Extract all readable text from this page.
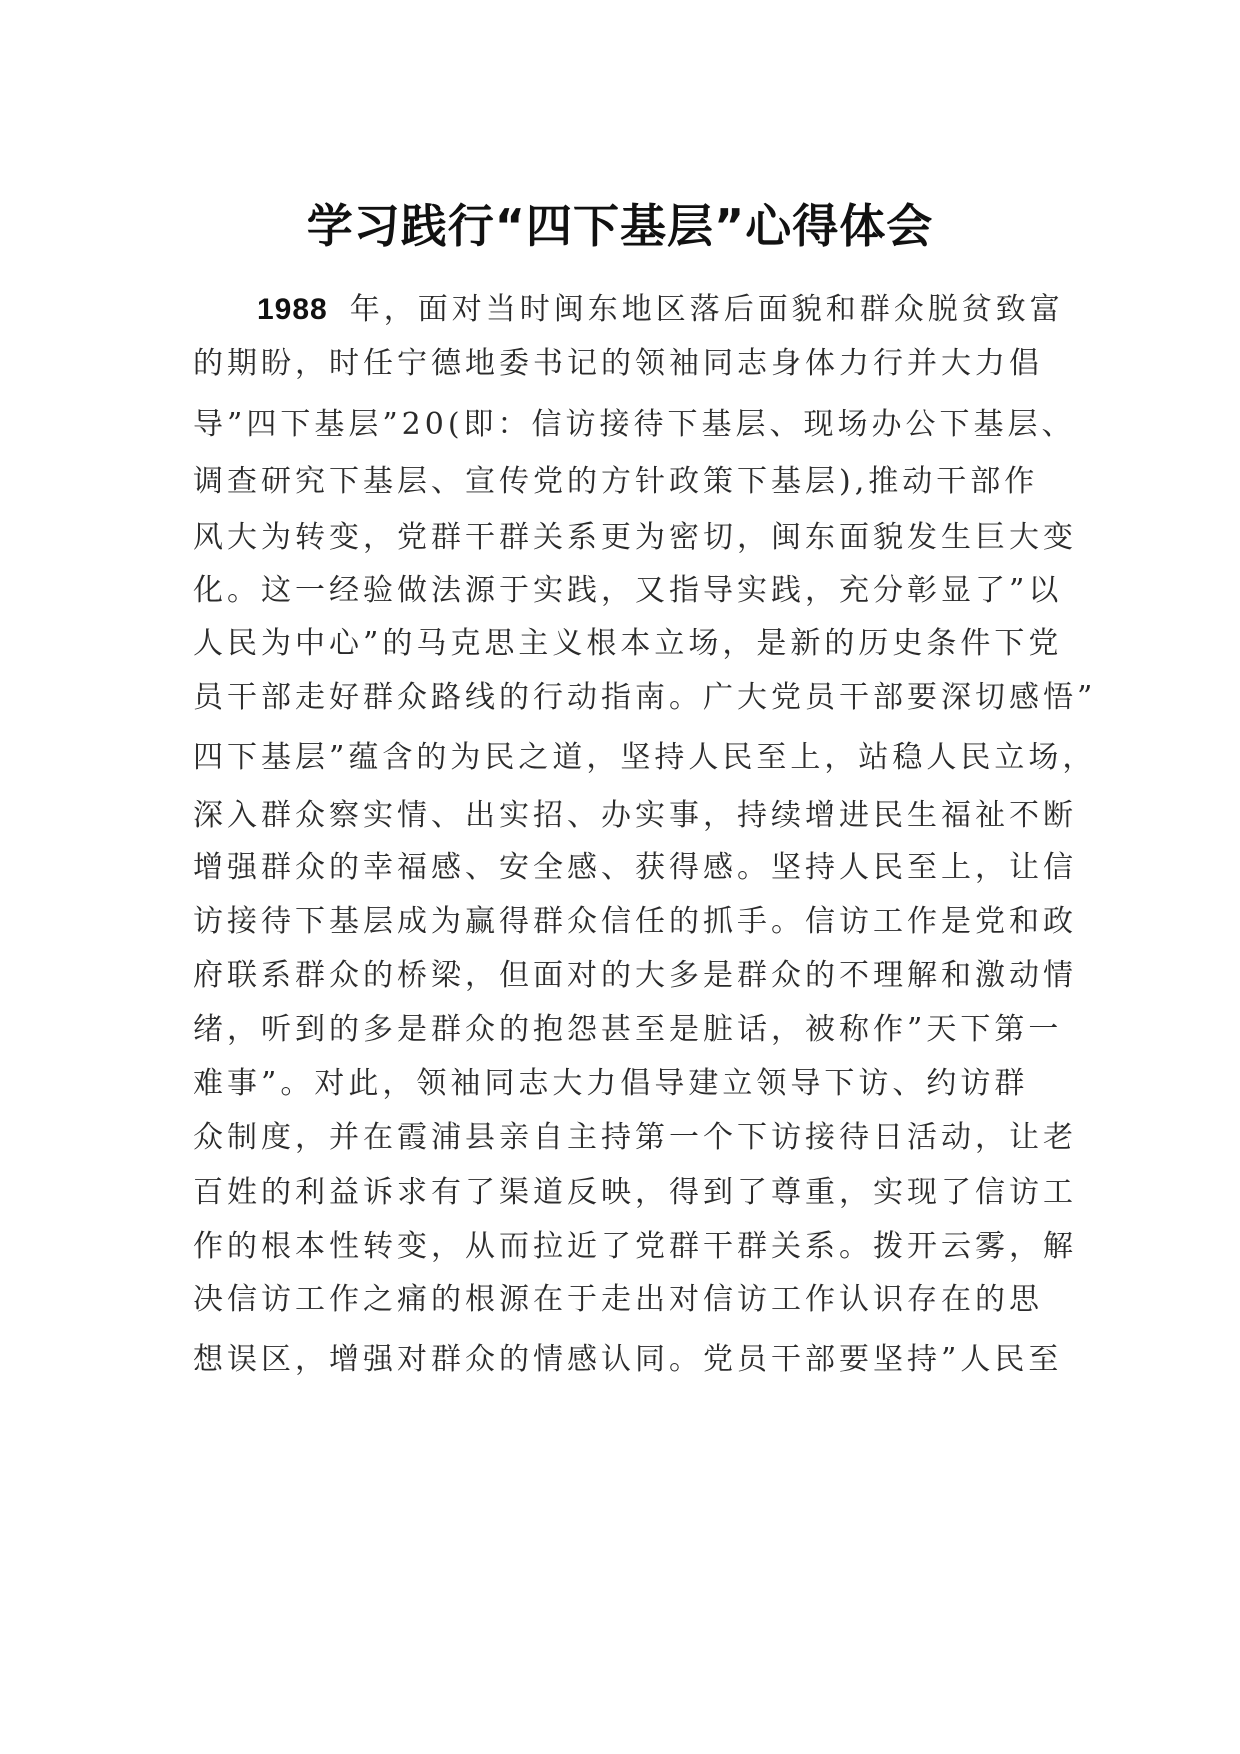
学习践行“四下基层”心得体会
1988 年，面对当时闽东地区落后面貌和群众脱贫致富
的期盼，时任宁德地委书记的领袖同志身体力行并大力倡
导”四下基层”20(即：信访接待下基层、现场办公下基层、
调查研究下基层、宣传党的方针政策下基层),推动干部作
风大为转变，党群干群关系更为密切，闽东面貌发生巨大变
化。这一经验做法源于实践，又指导实践，充分彰显了”以
人民为中心”的马克思主义根本立场，是新的历史条件下党
员干部走好群众路线的行动指南。广大党员干部要深切感悟”
四下基层”蕴含的为民之道，坚持人民至上，站稳人民立场，
深入群众察实情、出实招、办实事，持续增进民生福祉不断
增强群众的幸福感、安全感、获得感。坚持人民至上，让信
访接待下基层成为赢得群众信任的抓手。信访工作是党和政
府联系群众的桥梁，但面对的大多是群众的不理解和激动情
绪，听到的多是群众的抱怨甚至是脏话，被称作”天下第一
难事”。对此，领袖同志大力倡导建立领导下访、约访群
众制度，并在霞浦县亲自主持第一个下访接待日活动，让老
百姓的利益诉求有了渠道反映，得到了尊重，实现了信访工
作的根本性转变，从而拉近了党群干群关系。拨开云雾，解
决信访工作之痛的根源在于走出对信访工作认识存在的思
想误区，增强对群众的情感认同。党员干部要坚持”人民至
